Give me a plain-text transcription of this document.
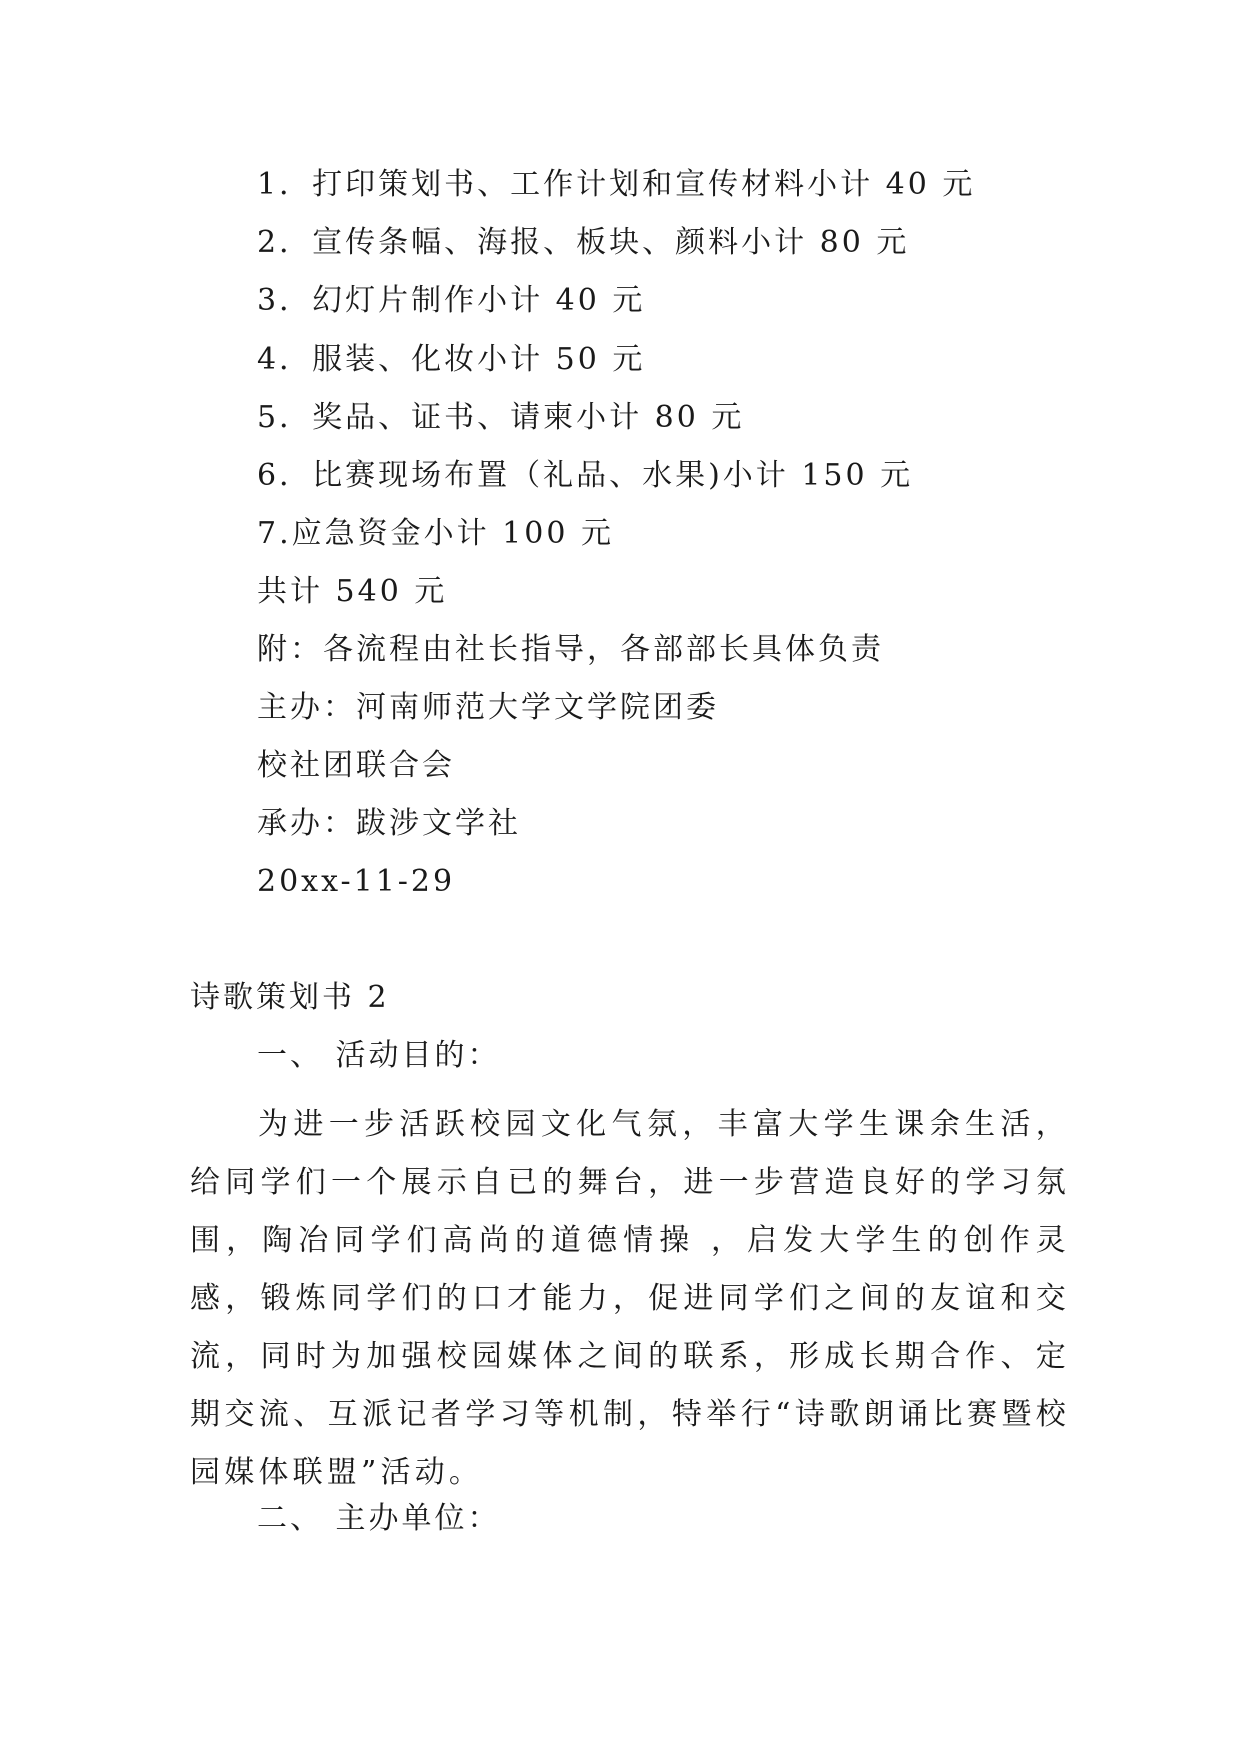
1．打印策划书、工作计划和宣传材料小计 40 元
2．宣传条幅、海报、板块、颜料小计 80 元
3．幻灯片制作小计 40 元
4．服装、化妆小计 50 元
5．奖品、证书、请柬小计 80 元
6．比赛现场布置（礼品、水果)小计 150 元
7.应急资金小计 100 元
共计 540 元
附：各流程由社长指导，各部部长具体负责
主办：河南师范大学文学院团委
校社团联合会
承办：跋涉文学社
20xx-11-29
诗歌策划书 2
一、 活动目的：

为进一步活跃校园文化气氛，丰富大学生课余生活，给同学们一个展示自已的舞台，进一步营造良好的学习氛围，陶冶同学们高尚的道德情操 ，启发大学生的创作灵感，锻炼同学们的口才能力，促进同学们之间的友谊和交流，同时为加强校园媒体之间的联系，形成长期合作、定期交流、互派记者学习等机制，特举行“诗歌朗诵比赛暨校园媒体联盟”活动。

二、 主办单位：
